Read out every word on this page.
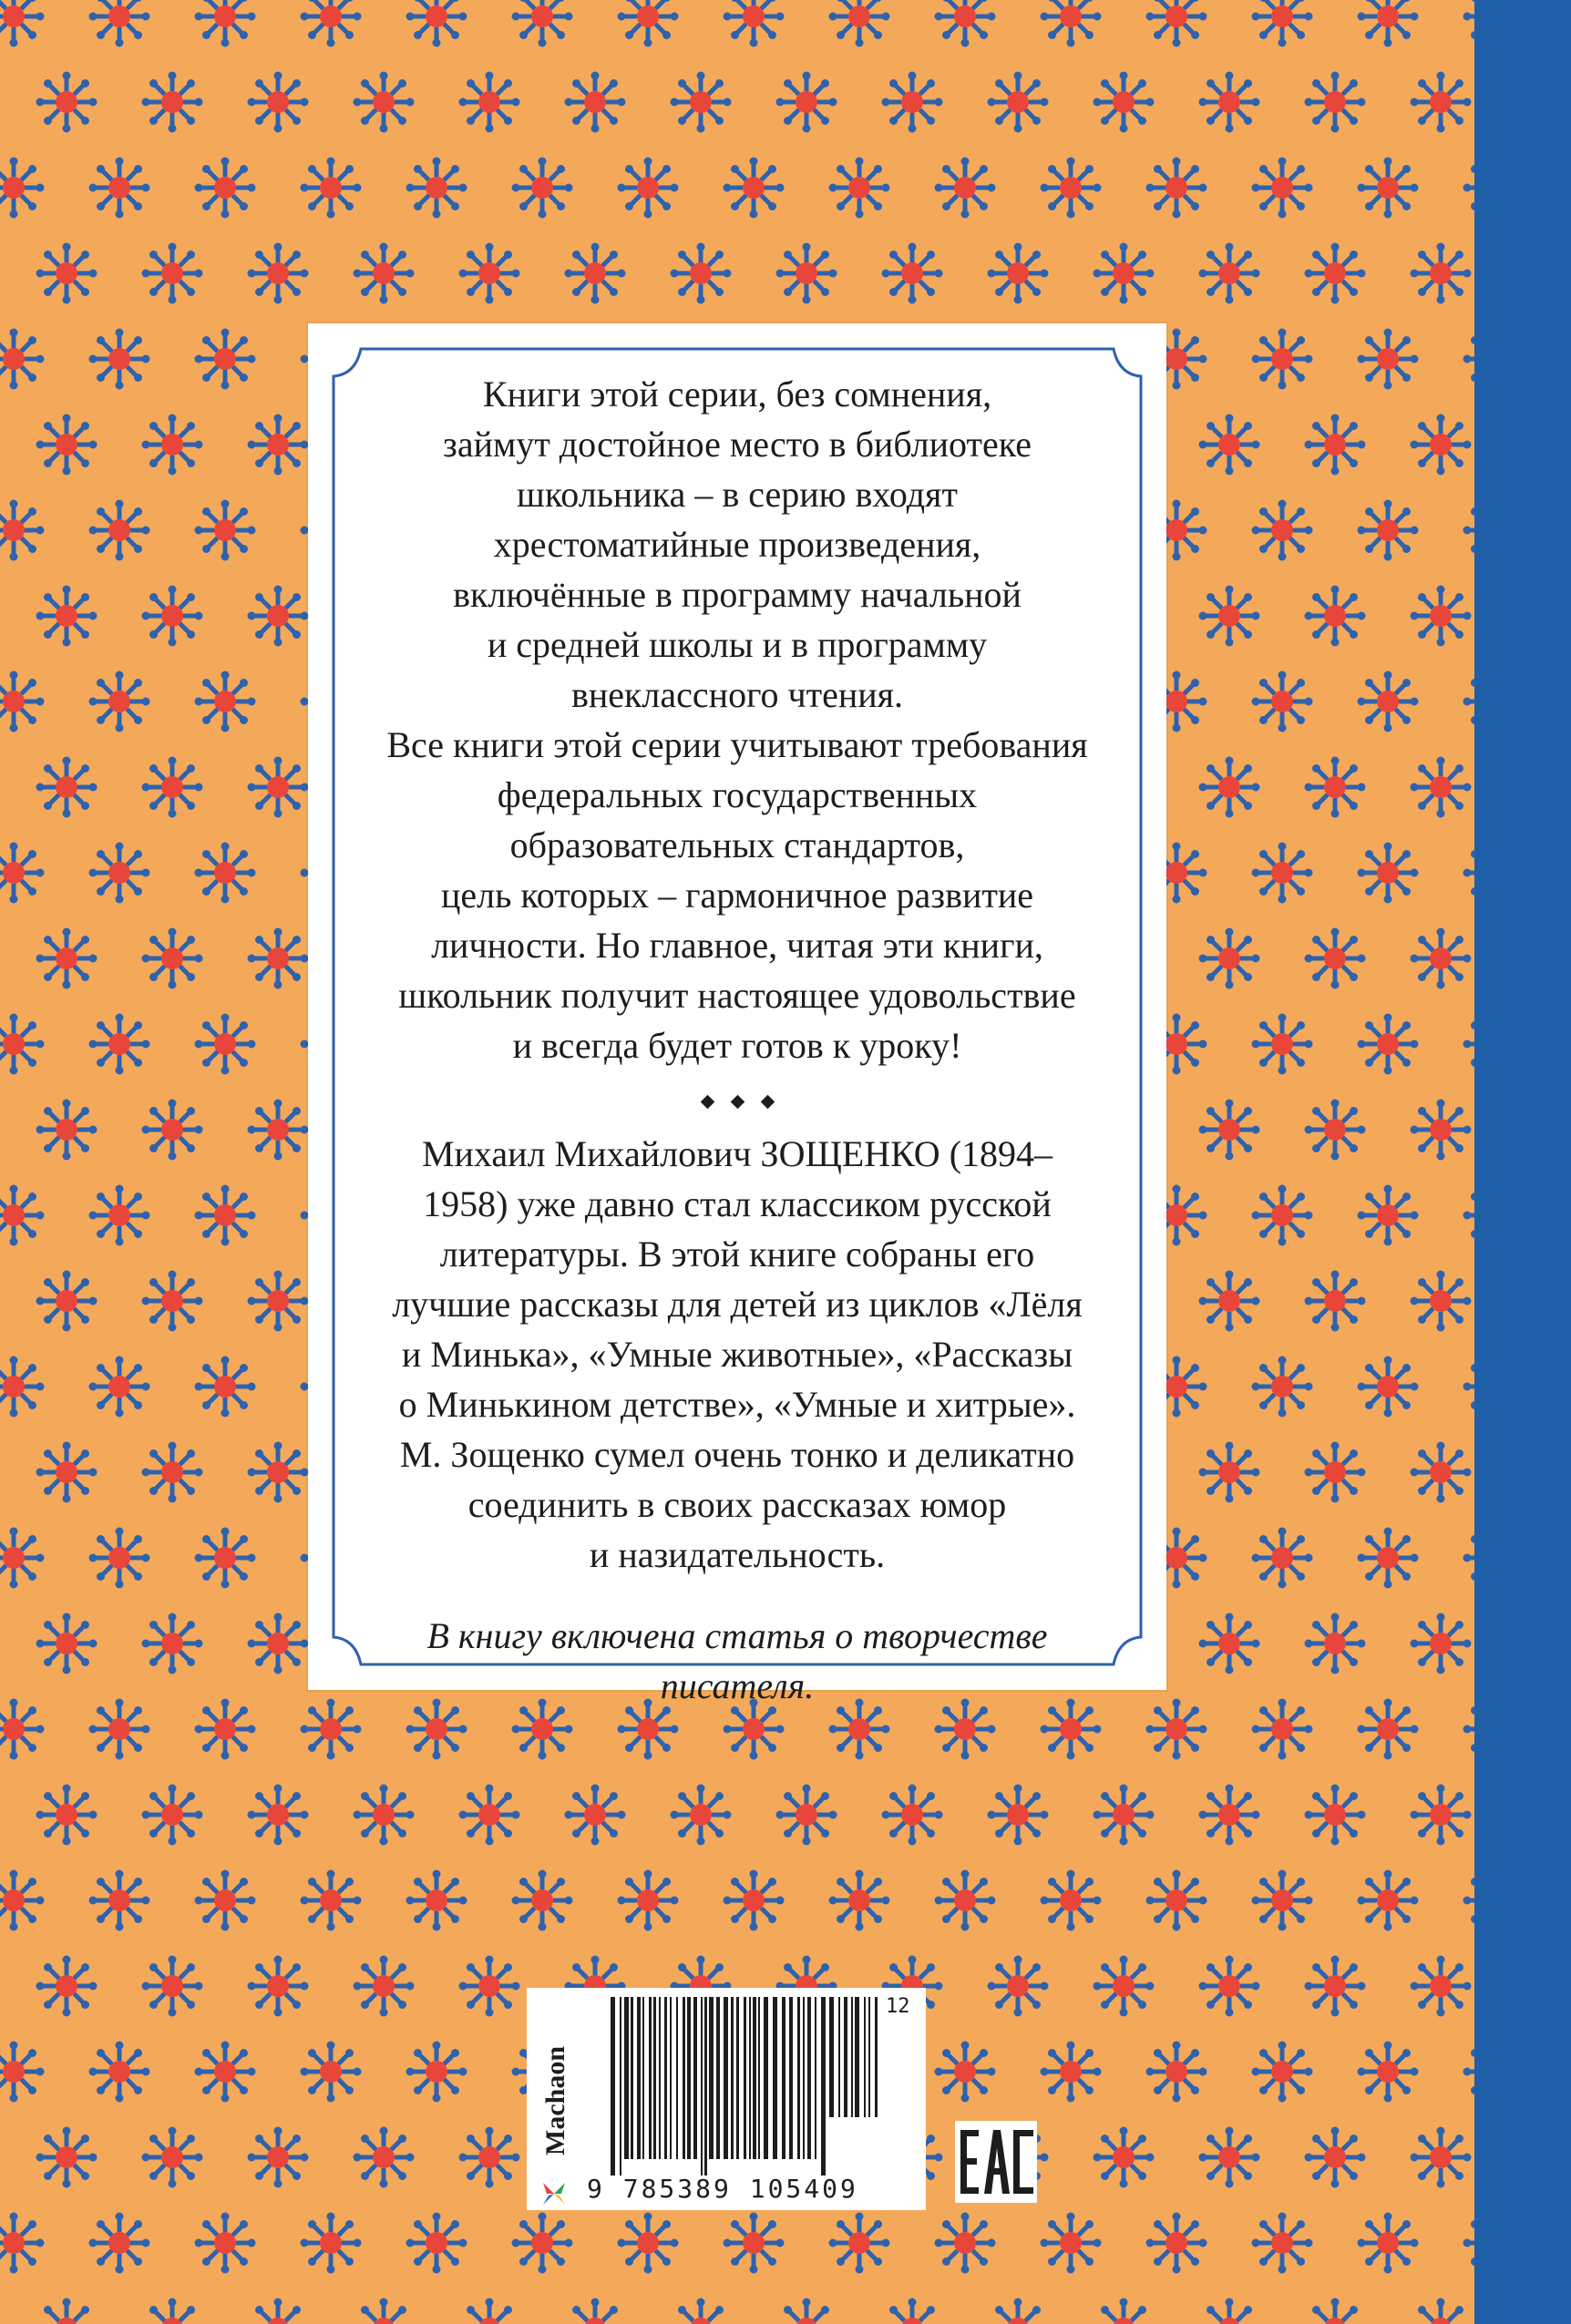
Книги этой серии, без сомнения,
займут достойное место в библиотеке
школьника – в серию входят
хрестоматийные произведения,
включённые в программу начальной
и средней школы и в программу
внеклассного чтения.
Все книги этой серии учитывают требования
федеральных государственных
образовательных стандартов,
цель которых – гармоничное развитие
личности. Но главное, читая эти книги,
школьник получит настоящее удовольствие
и всегда будет готов к уроку!

Михаил Михайлович ЗОЩЕНКО (1894–
1958) уже давно стал классиком русской
литературы. В этой книге собраны его
лучшие рассказы для детей из циклов «Лёля
и Минька», «Умные животные», «Рассказы
о Минькином детстве», «Умные и хитрые».
М. Зощенко сумел очень тонко и деликатно
соединить в своих рассказах юмор
и назидательность.

В книгу включена статья о творчестве
писателя.

Machaon
12
9 785389 105409
